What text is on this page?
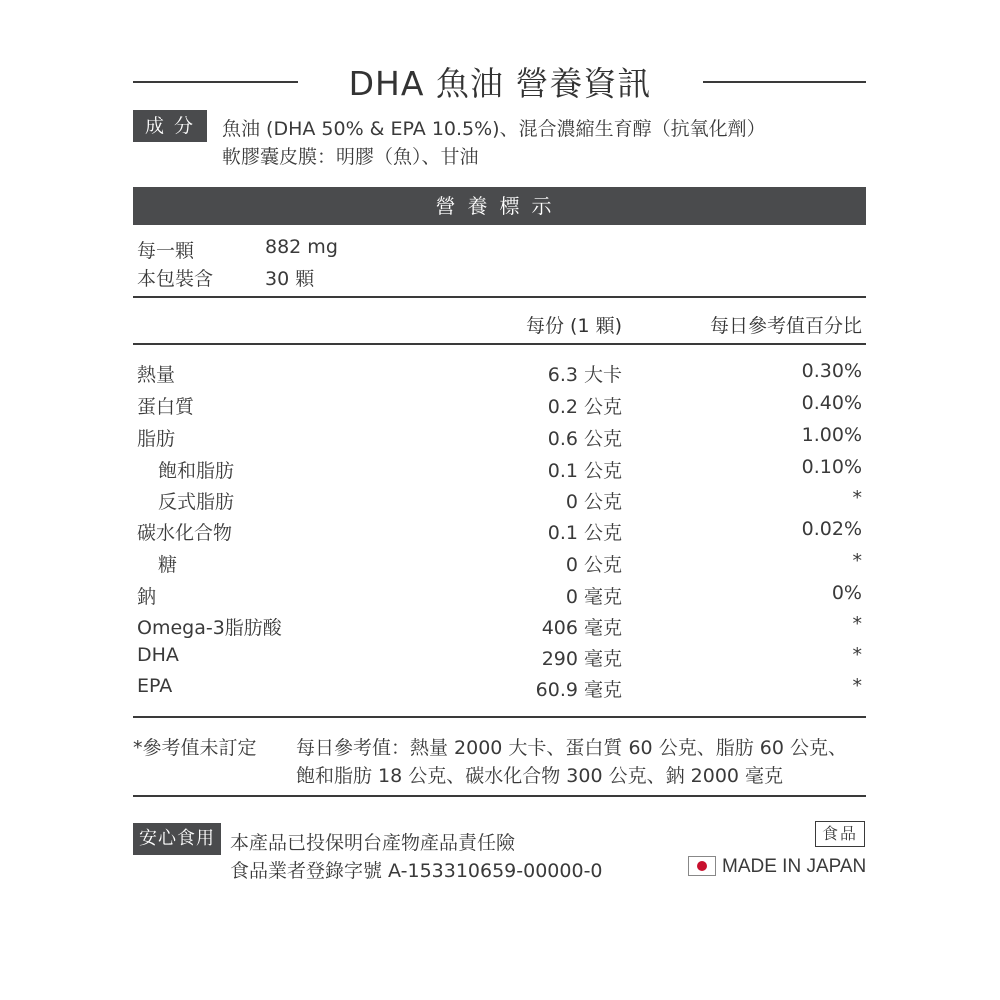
DHA 魚油 營養資訊
成 分	魚油 (DHA 50% & EPA 10.5%)、混合濃縮生育醇（抗氧化劑）
軟膠囊皮膜：明膠（魚）、甘油
營養標示
每一顆	882 mg
本包裝含	30 顆
每份 (1 顆)	每日參考值百分比
熱量	6.3 大卡	0.30%
蛋白質	0.2 公克	0.40%
脂肪	0.6 公克	1.00%
飽和脂肪	0.1 公克	0.10%
反式脂肪	0 公克	*
碳水化合物	0.1 公克	0.02%
糖	0 公克	*
鈉	0 毫克	0%
Omega-3脂肪酸	406 毫克	*
DHA	290 毫克	*
EPA	60.9 毫克	*
*參考值未訂定 每日參考值：熱量 2000 大卡、蛋白質 60 公克、脂肪 60 公克、
飽和脂肪 18 公克、碳水化合物 300 公克、鈉 2000 毫克
安心食用 本產品已投保明台產物產品責任險
食品業者登錄字號 A-153310659-00000-0
食品
MADE IN JAPAN
